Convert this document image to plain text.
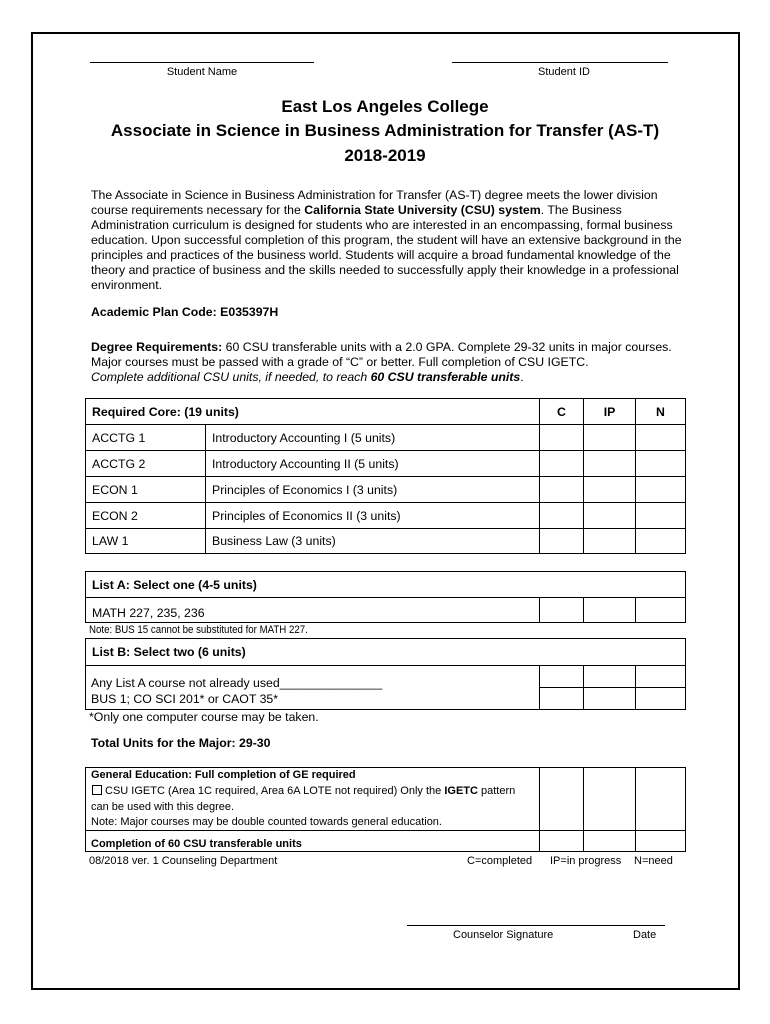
Student Name	Student ID
East Los Angeles College
Associate in Science in Business Administration for Transfer (AS-T)
2018-2019
The Associate in Science in Business Administration for Transfer (AS-T) degree meets the lower division course requirements necessary for the California State University (CSU) system. The Business Administration curriculum is designed for students who are interested in an encompassing, formal business education. Upon successful completion of this program, the student will have an extensive background in the principles and practices of the business world. Students will acquire a broad fundamental knowledge of the theory and practice of business and the skills needed to successfully apply their knowledge in a professional environment.
Academic Plan Code: E035397H
Degree Requirements: 60 CSU transferable units with a 2.0 GPA. Complete 29-32 units in major courses. Major courses must be passed with a grade of “C” or better. Full completion of CSU IGETC.
Complete additional CSU units, if needed, to reach 60 CSU transferable units.
Required Core: (19 units)	C	IP	N
ACCTG 1	Introductory Accounting I (5 units)
ACCTG 2	Introductory Accounting II (5 units)
ECON 1	Principles of Economics I (3 units)
ECON 2	Principles of Economics II (3 units)
LAW 1	Business Law (3 units)
List A: Select one (4-5 units)
MATH 227, 235, 236
Note: BUS 15 cannot be substituted for MATH 227.
List B: Select two (6 units)
Any List A course not already used_______________
BUS 1; CO SCI 201* or CAOT 35*
*Only one computer course may be taken.
Total Units for the Major: 29-30
General Education: Full completion of GE required
CSU IGETC (Area 1C required, Area 6A LOTE not required) Only the IGETC pattern
can be used with this degree.
Note: Major courses may be double counted towards general education.
Completion of 60 CSU transferable units
08/2018 ver. 1 Counseling Department	C=completed IP=in progress N=need
Counselor Signature	Date
